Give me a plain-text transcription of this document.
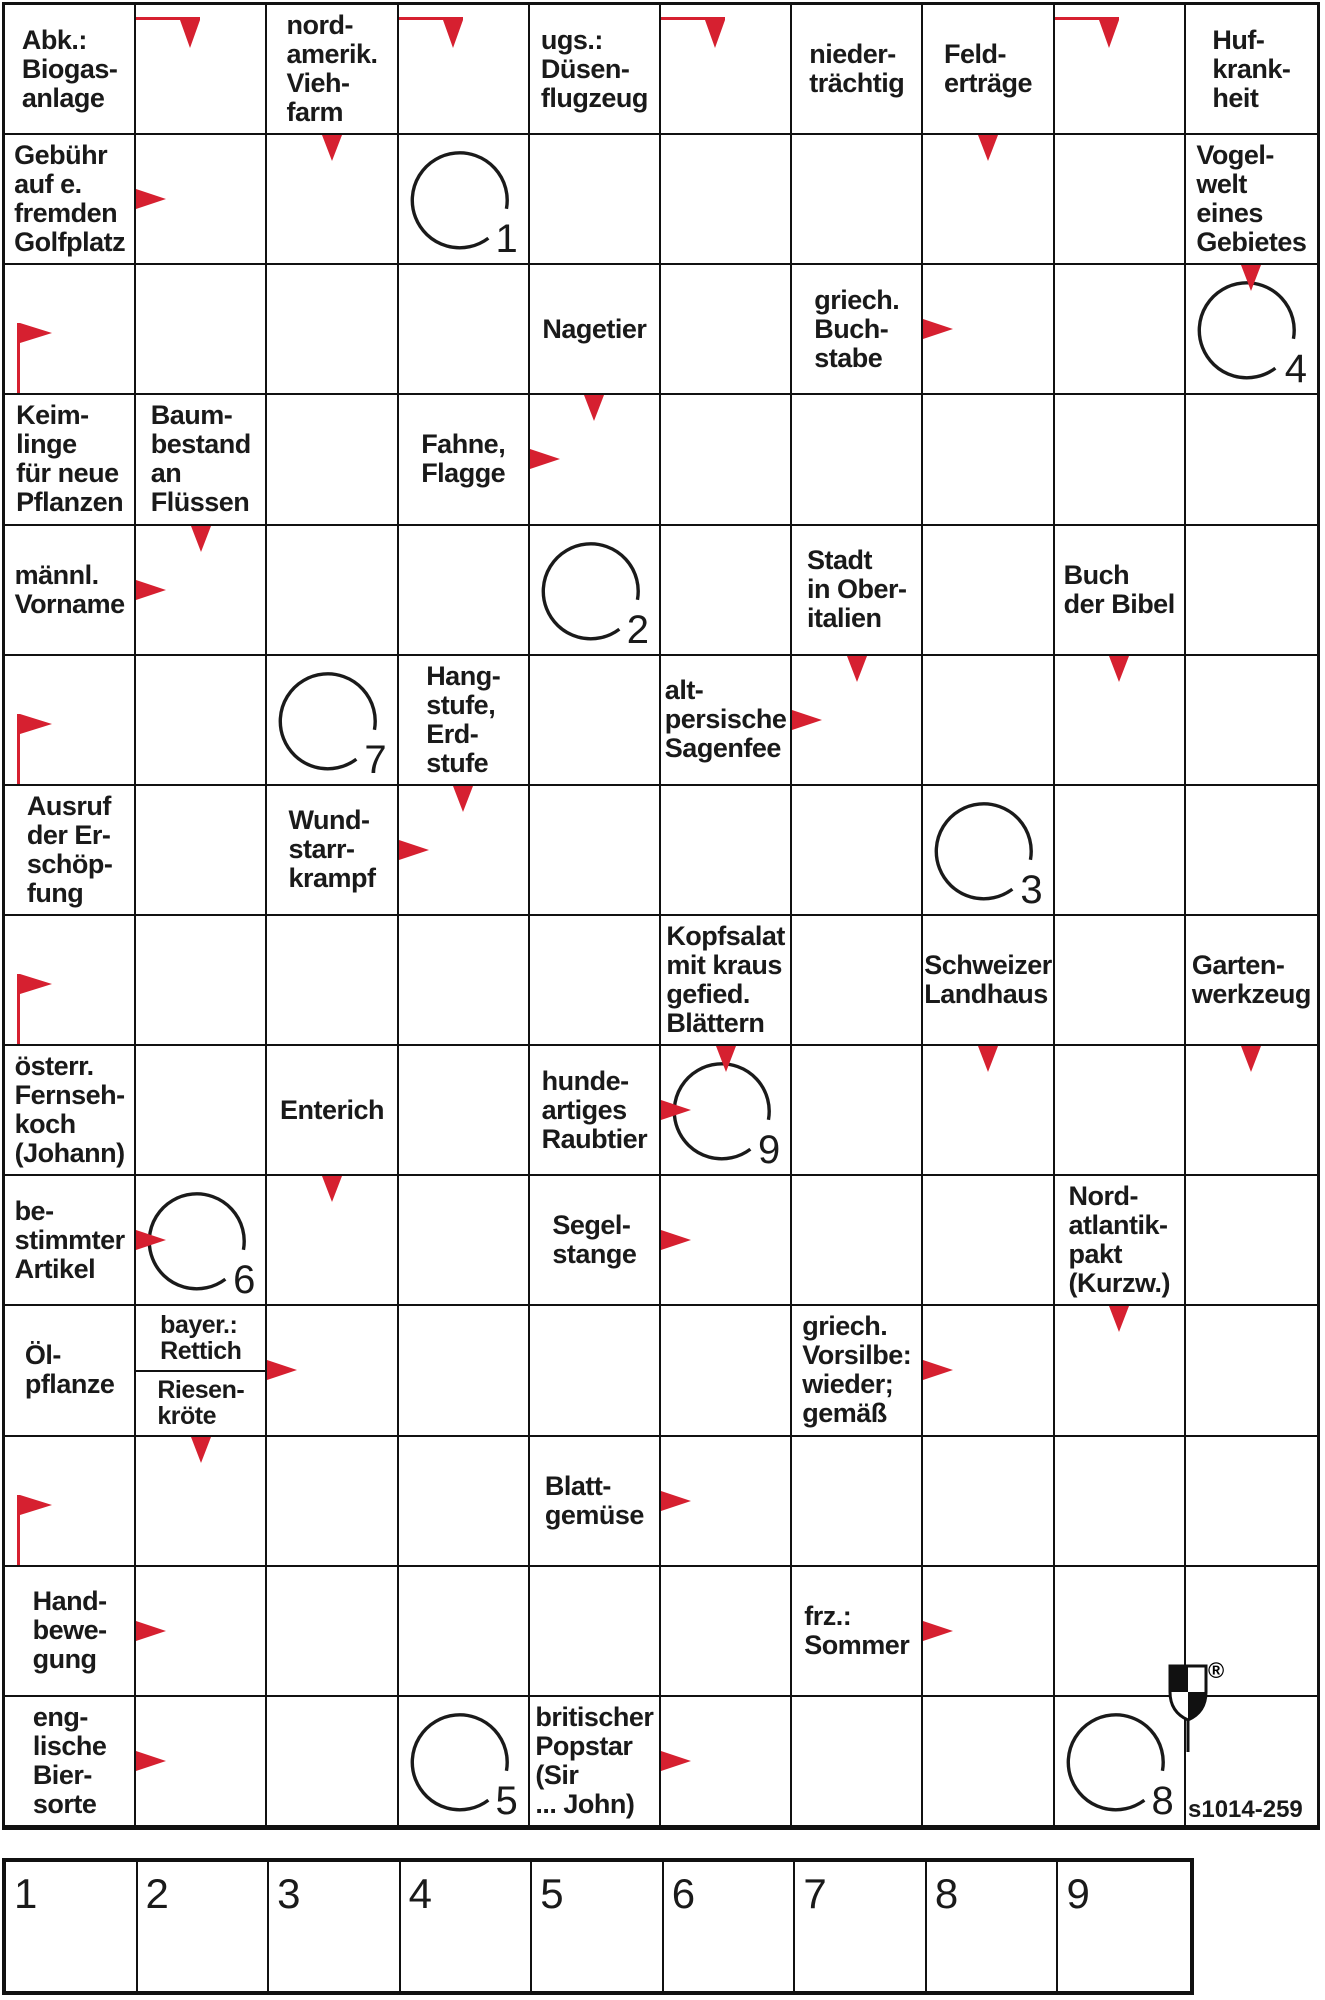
Abk.:
Biogas-
anlage
nord-
amerik.
Vieh-
farm
ugs.:
Düsen-
flugzeug
nieder-
trächtig
Feld-
erträge
Huf-
krank-
heit
Gebühr
auf e.
fremden
Golfplatz	1
Vogel-
welt
eines
Gebietes
Nagetier
griech.
Buch-
stabe	4
Keim-
linge
für neue
Pflanzen
Baum-
bestand
an
Flüssen
Fahne,
Flagge
männl.
Vorname
2
Stadt
in Ober-
italien
Buch
der Bibel
7
Hang-
stufe,
Erd-
stufe
alt-
persische
Sagenfee
Ausruf
der Er-
schöp-
fung
Wund-
starr-
krampf	3
Kopfsalat
mit kraus
gefied.
Blättern
Schweizer
Landhaus
Garten-
werkzeug
österr.
Fernseh-
koch
(Johann)
Enterich
hunde-
artiges
Raubtier	9
be-
stimmter
Artikel	6
Segel-
stange
Nord-
atlantik-
pakt
(Kurzw.)
Öl-
pflanze
bayer.:
Rettich
Riesen-
kröte
griech.
Vorsilbe:
wieder;
gemäß
Blatt-
gemüse
Hand-
bewe-
gung
frz.:
Sommer
eng-
lische
Bier-
sorte	5
britischer
Popstar
(Sir
... John)	8
1	2	3	4	5	6	7	8	9
®
s1014-259
